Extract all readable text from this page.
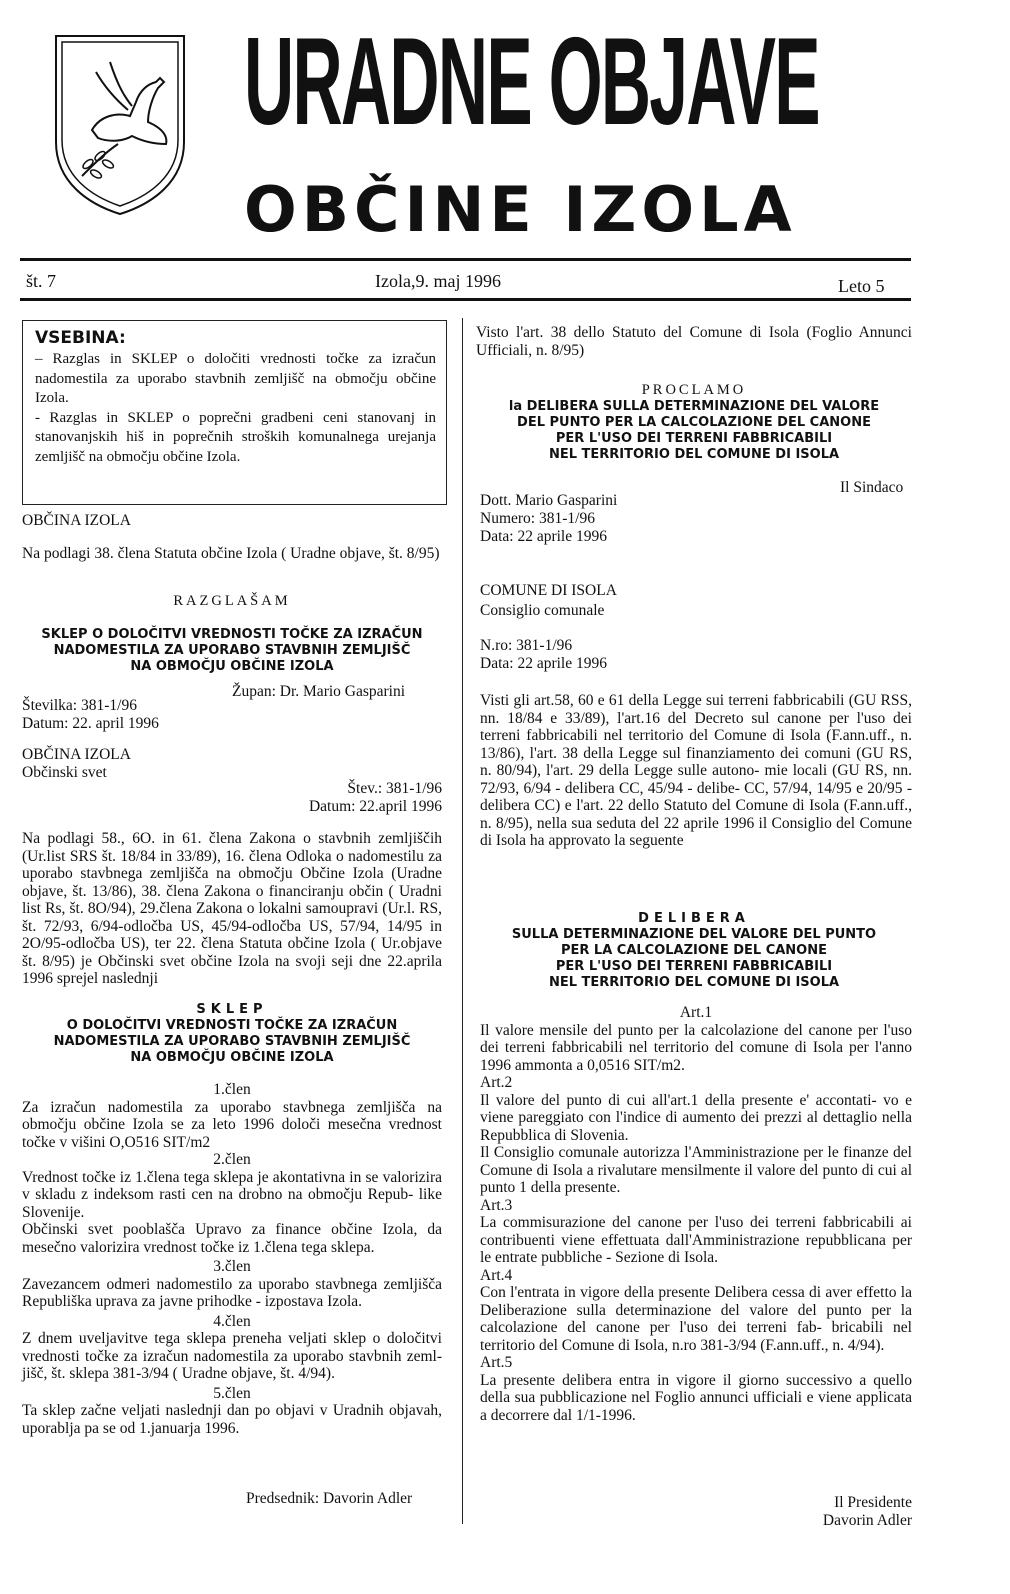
URADNE OBJAVE
OBČINE IZOLA
št. 7	Izola,9. maj 1996	Leto 5
VSEBINA:
– Razglas in SKLEP o določiti vrednosti točke za izračun nadomestila za uporabo stavbnih zemljišč na območju občine Izola.
- Razglas in SKLEP o poprečni gradbeni ceni stanovanj in stanovanjskih hiš in poprečnih stroških komunalnega urejanja zemljišč na območju občine Izola.
OBČINA IZOLA
Na podlagi 38. člena Statuta občine Izola ( Uradne objave, št. 8/95)
RAZGLAŠAM
SKLEP O DOLOČITVI VREDNOSTI TOČKE ZA IZRAČUN
NADOMESTILA ZA UPORABO STAVBNIH ZEMLJIŠČ
NA OBMOČJU OBČINE IZOLA
Župan: Dr. Mario Gasparini
Številka: 381-1/96
Datum: 22. april 1996
OBČINA IZOLA
Občinski svet
Štev.: 381-1/96
Datum: 22.april 1996
Na podlagi 58., 6O. in 61. člena Zakona o stavbnih zemljiščih (Ur.list SRS št. 18/84 in 33/89), 16. člena Odloka o nadomestilu za uporabo stavbnega zemljišča na območju Občine Izola (Uradne objave, št. 13/86), 38. člena Zakona o financiranju občin ( Uradni list Rs, št. 8O/94), 29.člena Zakona o lokalni samoupravi (Ur.l. RS, št. 72/93, 6/94-odločba US, 45/94-odločba US, 57/94, 14/95 in 2O/95-odločba US), ter 22. člena Statuta občine Izola ( Ur.objave št. 8/95) je Občinski svet občine Izola na svoji seji dne 22.aprila 1996 sprejel naslednji
SKLEP
O DOLOČITVI VREDNOSTI TOČKE ZA IZRAČUN
NADOMESTILA ZA UPORABO STAVBNIH ZEMLJIŠČ
NA OBMOČJU OBČINE IZOLA
1.člen
Za izračun nadomestila za uporabo stavbnega zemljišča na območju občine Izola se za leto 1996 določi mesečna vrednost točke v višini O,O516 SIT/m2
2.člen
Vrednost točke iz 1.člena tega sklepa je akontativna in se valorizira v skladu z indeksom rasti cen na drobno na območju Repub- like Slovenije.
Občinski svet pooblašča Upravo za finance občine Izola, da mesečno valorizira vrednost točke iz 1.člena tega sklepa.
3.člen
Zavezancem odmeri nadomestilo za uporabo stavbnega zemljišča Republiška uprava za javne prihodke - izpostava Izola.
4.člen
Z dnem uveljavitve tega sklepa preneha veljati sklep o določitvi vrednosti točke za izračun nadomestila za uporabo stavbnih zeml- jišč, št. sklepa 381-3/94 ( Uradne objave, št. 4/94).
5.člen
Ta sklep začne veljati naslednji dan po objavi v Uradnih objavah, uporablja pa se od 1.januarja 1996.
Predsednik: Davorin Adler
Visto l'art. 38 dello Statuto del Comune di Isola (Foglio Annunci Ufficiali, n. 8/95)
PROCLAMO
la DELIBERA SULLA DETERMINAZIONE DEL VALORE
DEL PUNTO PER LA CALCOLAZIONE DEL CANONE
PER L'USO DEI TERRENI FABBRICABILI
NEL TERRITORIO DEL COMUNE DI ISOLA
Il Sindaco
Dott. Mario Gasparini
Numero: 381-1/96
Data: 22 aprile 1996
COMUNE DI ISOLA
Consiglio comunale
N.ro: 381-1/96
Data: 22 aprile 1996
Visti gli art.58, 60 e 61 della Legge sui terreni fabbricabili (GU RSS, nn. 18/84 e 33/89), l'art.16 del Decreto sul canone per l'uso dei terreni fabbricabili nel territorio del Comune di Isola (F.ann.uff., n. 13/86), l'art. 38 della Legge sul finanziamento dei comuni (GU RS, n. 80/94), l'art. 29 della Legge sulle autono- mie locali (GU RS, nn. 72/93, 6/94 - delibera CC, 45/94 - delibe- CC, 57/94, 14/95 e 20/95 - delibera CC) e l'art. 22 dello Statuto del Comune di Isola (F.ann.uff., n. 8/95), nella sua seduta del 22 aprile 1996 il Consiglio del Comune di Isola ha approvato la seguente
DELIBERA
SULLA DETERMINAZIONE DEL VALORE DEL PUNTO
PER LA CALCOLAZIONE DEL CANONE
PER L'USO DEI TERRENI FABBRICABILI
NEL TERRITORIO DEL COMUNE DI ISOLA
Art.1
Il valore mensile del punto per la calcolazione del canone per l'uso dei terreni fabbricabili nel territorio del comune di Isola per l'anno 1996 ammonta a 0,0516 SIT/m2.
Art.2
Il valore del punto di cui all'art.1 della presente e' accontati- vo e viene pareggiato con l'indice di aumento dei prezzi al dettaglio nella Repubblica di Slovenia.
Il Consiglio comunale autorizza l'Amministrazione per le finanze del Comune di Isola a rivalutare mensilmente il valore del punto di cui al punto 1 della presente.
Art.3
La commisurazione del canone per l'uso dei terreni fabbricabili ai contribuenti viene effettuata dall'Amministrazione repubblicana per le entrate pubbliche - Sezione di Isola.
Art.4
Con l'entrata in vigore della presente Delibera cessa di aver effetto la Deliberazione sulla determinazione del valore del punto per la calcolazione del canone per l'uso dei terreni fab- bricabili nel territorio del Comune di Isola, n.ro 381-3/94 (F.ann.uff., n. 4/94).
Art.5
La presente delibera entra in vigore il giorno successivo a quello della sua pubblicazione nel Foglio annunci ufficiali e viene applicata a decorrere dal 1/1-1996.
Il Presidente
Davorin Adler
